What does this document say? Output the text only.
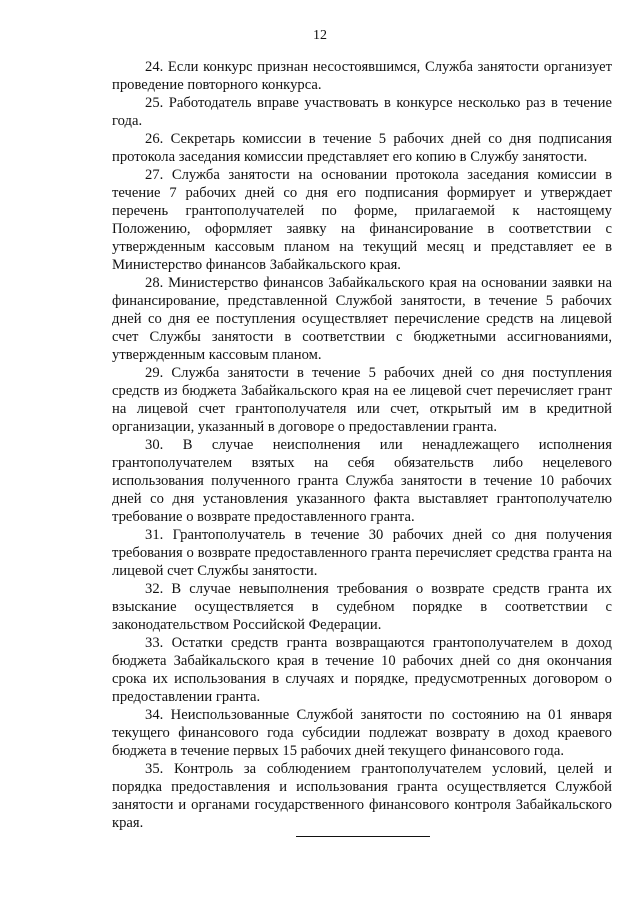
12

24. Если конкурс признан несостоявшимся, Служба занятости организует проведение повторного конкурса.

25. Работодатель вправе участвовать в конкурсе несколько раз в течение года.

26. Секретарь комиссии в течение 5 рабочих дней со дня подписания протокола заседания комиссии представляет его копию в Службу занятости.

27. Служба занятости на основании протокола заседания комиссии в течение 7 рабочих дней со дня его подписания формирует и утверждает перечень грантополучателей по форме, прилагаемой к настоящему Положению, оформляет заявку на финансирование в соответствии с утвержденным кассовым планом на текущий месяц и представляет ее в Министерство финансов Забайкальского края.

28. Министерство финансов Забайкальского края на основании заявки на финансирование, представленной Службой занятости, в течение 5 рабочих дней со дня ее поступления осуществляет перечисление средств на лицевой счет Службы занятости в соответствии с бюджетными ассигнованиями, утвержденным кассовым планом.

29. Служба занятости в течение 5 рабочих дней со дня поступления средств из бюджета Забайкальского края на ее лицевой счет перечисляет грант на лицевой счет грантополучателя или счет, открытый им в кредитной организации, указанный в договоре о предоставлении гранта.

30. В случае неисполнения или ненадлежащего исполнения грантополучателем взятых на себя обязательств либо нецелевого использования полученного гранта Служба занятости в течение 10 рабочих дней со дня установления указанного факта выставляет грантополучателю требование о возврате предоставленного гранта.

31. Грантополучатель в течение 30 рабочих дней со дня получения требования о возврате предоставленного гранта перечисляет средства гранта на лицевой счет Службы занятости.

32. В случае невыполнения требования о возврате средств гранта их взыскание осуществляется в судебном порядке в соответствии с законодательством Российской Федерации.

33. Остатки средств гранта возвращаются грантополучателем в доход бюджета Забайкальского края в течение 10 рабочих дней со дня окончания срока их использования в случаях и порядке, предусмотренных договором о предоставлении гранта.

34. Неиспользованные Службой занятости по состоянию на 01 января текущего финансового года субсидии подлежат возврату в доход краевого бюджета в течение первых 15 рабочих дней текущего финансового года.

35. Контроль за соблюдением грантополучателем условий, целей и порядка предоставления и использования гранта осуществляется Службой занятости и органами государственного финансового контроля Забайкальского края.
